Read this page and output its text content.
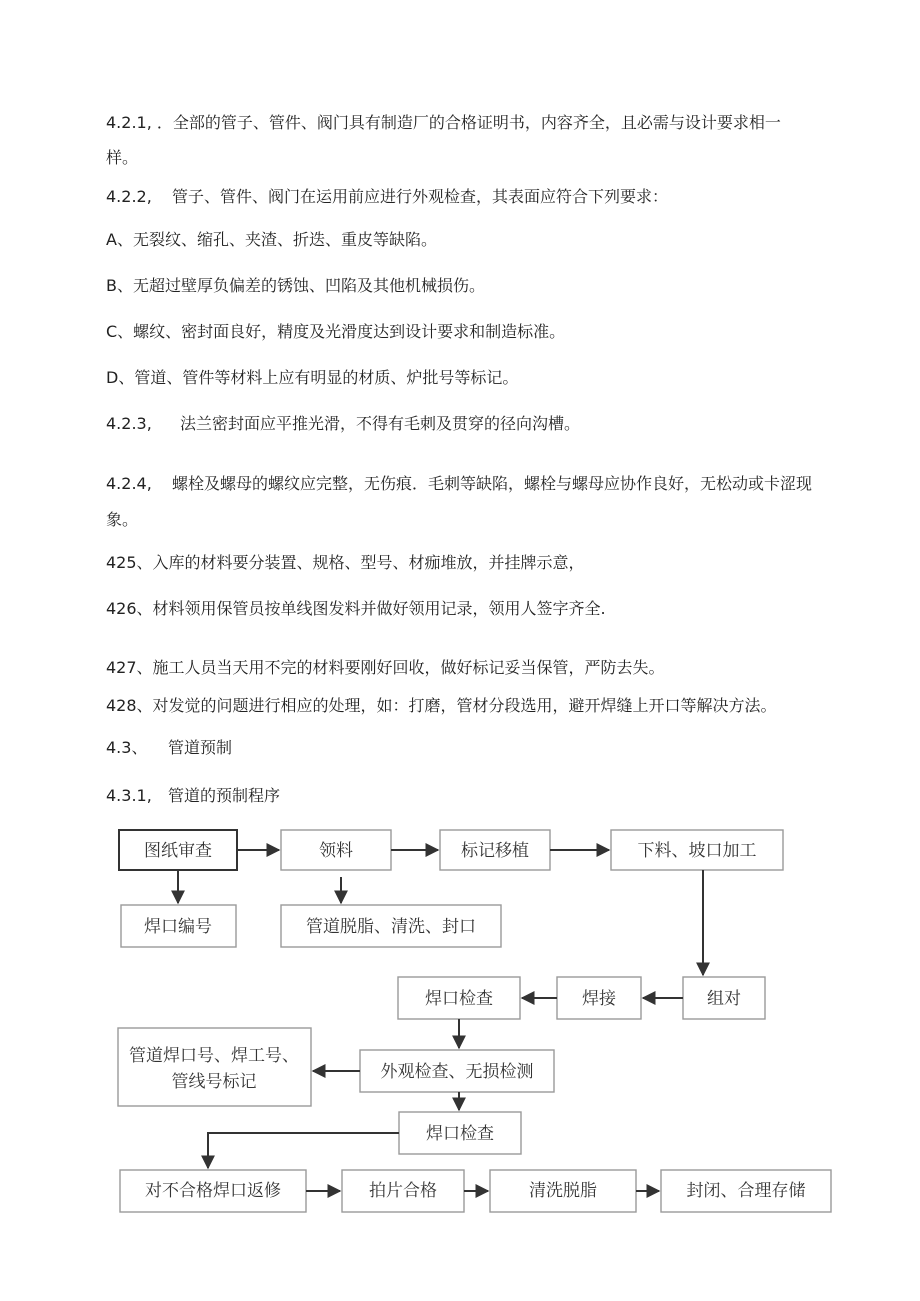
4.2.1, ．全部的管子、管件、阀门具有制造厂的合格证明书，内容齐全，且必需与设计要求相一
样。
4.2.2, 管子、管件、阀门在运用前应进行外观检查，其表面应符合下列要求：
A、无裂纹、缩孔、夹渣、折迭、重皮等缺陷。
B、无超过壁厚负偏差的锈蚀、凹陷及其他机械损伤。
C、螺纹、密封面良好，精度及光滑度达到设计要求和制造标准。
D、管道、管件等材料上应有明显的材质、炉批号等标记。
4.2.3, 法兰密封面应平推光滑，不得有毛刺及贯穿的径向沟槽。
4.2.4, 螺栓及螺母的螺纹应完整，无伤痕．毛刺等缺陷，螺栓与螺母应协作良好，无松动或卡涩现
象。
425、入库的材料要分装置、规格、型号、材痂堆放，并挂牌示意，
426、材料领用保管员按单线图发料并做好领用记录，领用人签字齐全.
427、施工人员当天用不完的材料要刚好回收，做好标记妥当保管，严防去失。
428、对发觉的问题进行相应的处理，如：打磨，管材分段选用，避开焊缝上开口等解决方法。
4.3、 管道预制
4.3.1, 管道的预制程序
图纸审查	领料	标记移植	下料、坡口加工
焊口编号	管道脱脂、清洗、封口
焊口检查	焊接	组对
管道焊口号、焊工号、
管线号标记	外观检查、无损检测
焊口检查
对不合格焊口返修	拍片合格	清洗脱脂	封闭、合理存储
